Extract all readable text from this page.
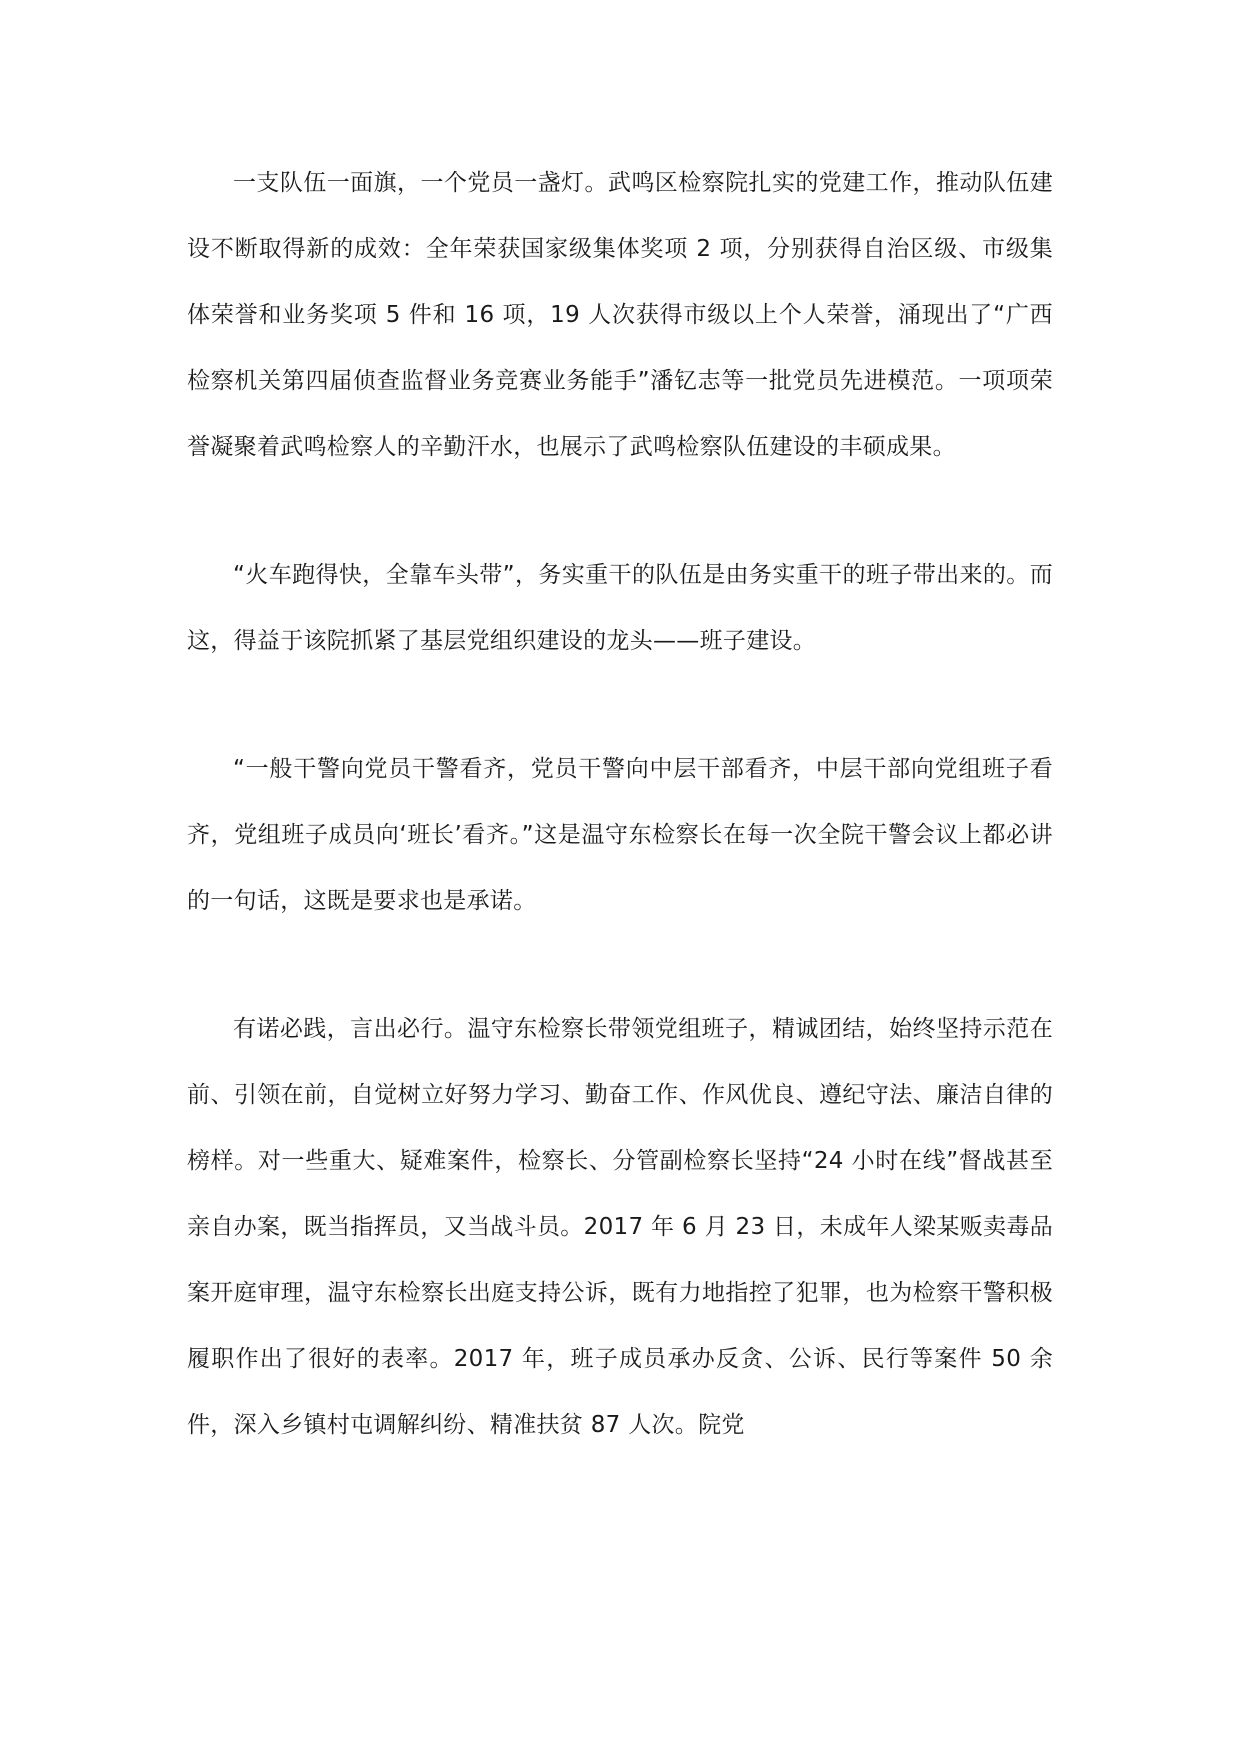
一支队伍一面旗，一个党员一盏灯。武鸣区检察院扎实的党建工作，推动队伍建设不断取得新的成效：全年荣获国家级集体奖项 2 项，分别获得自治区级、市级集体荣誉和业务奖项 5 件和 16 项，19 人次获得市级以上个人荣誉，涌现出了“广西检察机关第四届侦查监督业务竞赛业务能手”潘钇志等一批党员先进模范。一项项荣誉凝聚着武鸣检察人的辛勤汗水，也展示了武鸣检察队伍建设的丰硕成果。

“火车跑得快，全靠车头带”，务实重干的队伍是由务实重干的班子带出来的。而这，得益于该院抓紧了基层党组织建设的龙头——班子建设。

“一般干警向党员干警看齐，党员干警向中层干部看齐，中层干部向党组班子看齐，党组班子成员向‘班长’看齐。”这是温守东检察长在每一次全院干警会议上都必讲的一句话，这既是要求也是承诺。

有诺必践，言出必行。温守东检察长带领党组班子，精诚团结，始终坚持示范在前、引领在前，自觉树立好努力学习、勤奋工作、作风优良、遵纪守法、廉洁自律的榜样。对一些重大、疑难案件，检察长、分管副检察长坚持“24 小时在线”督战甚至亲自办案，既当指挥员，又当战斗员。2017 年 6 月 23 日，未成年人梁某贩卖毒品案开庭审理，温守东检察长出庭支持公诉，既有力地指控了犯罪，也为检察干警积极履职作出了很好的表率。2017 年，班子成员承办反贪、公诉、民行等案件 50 余件，深入乡镇村屯调解纠纷、精准扶贫 87 人次。院党
